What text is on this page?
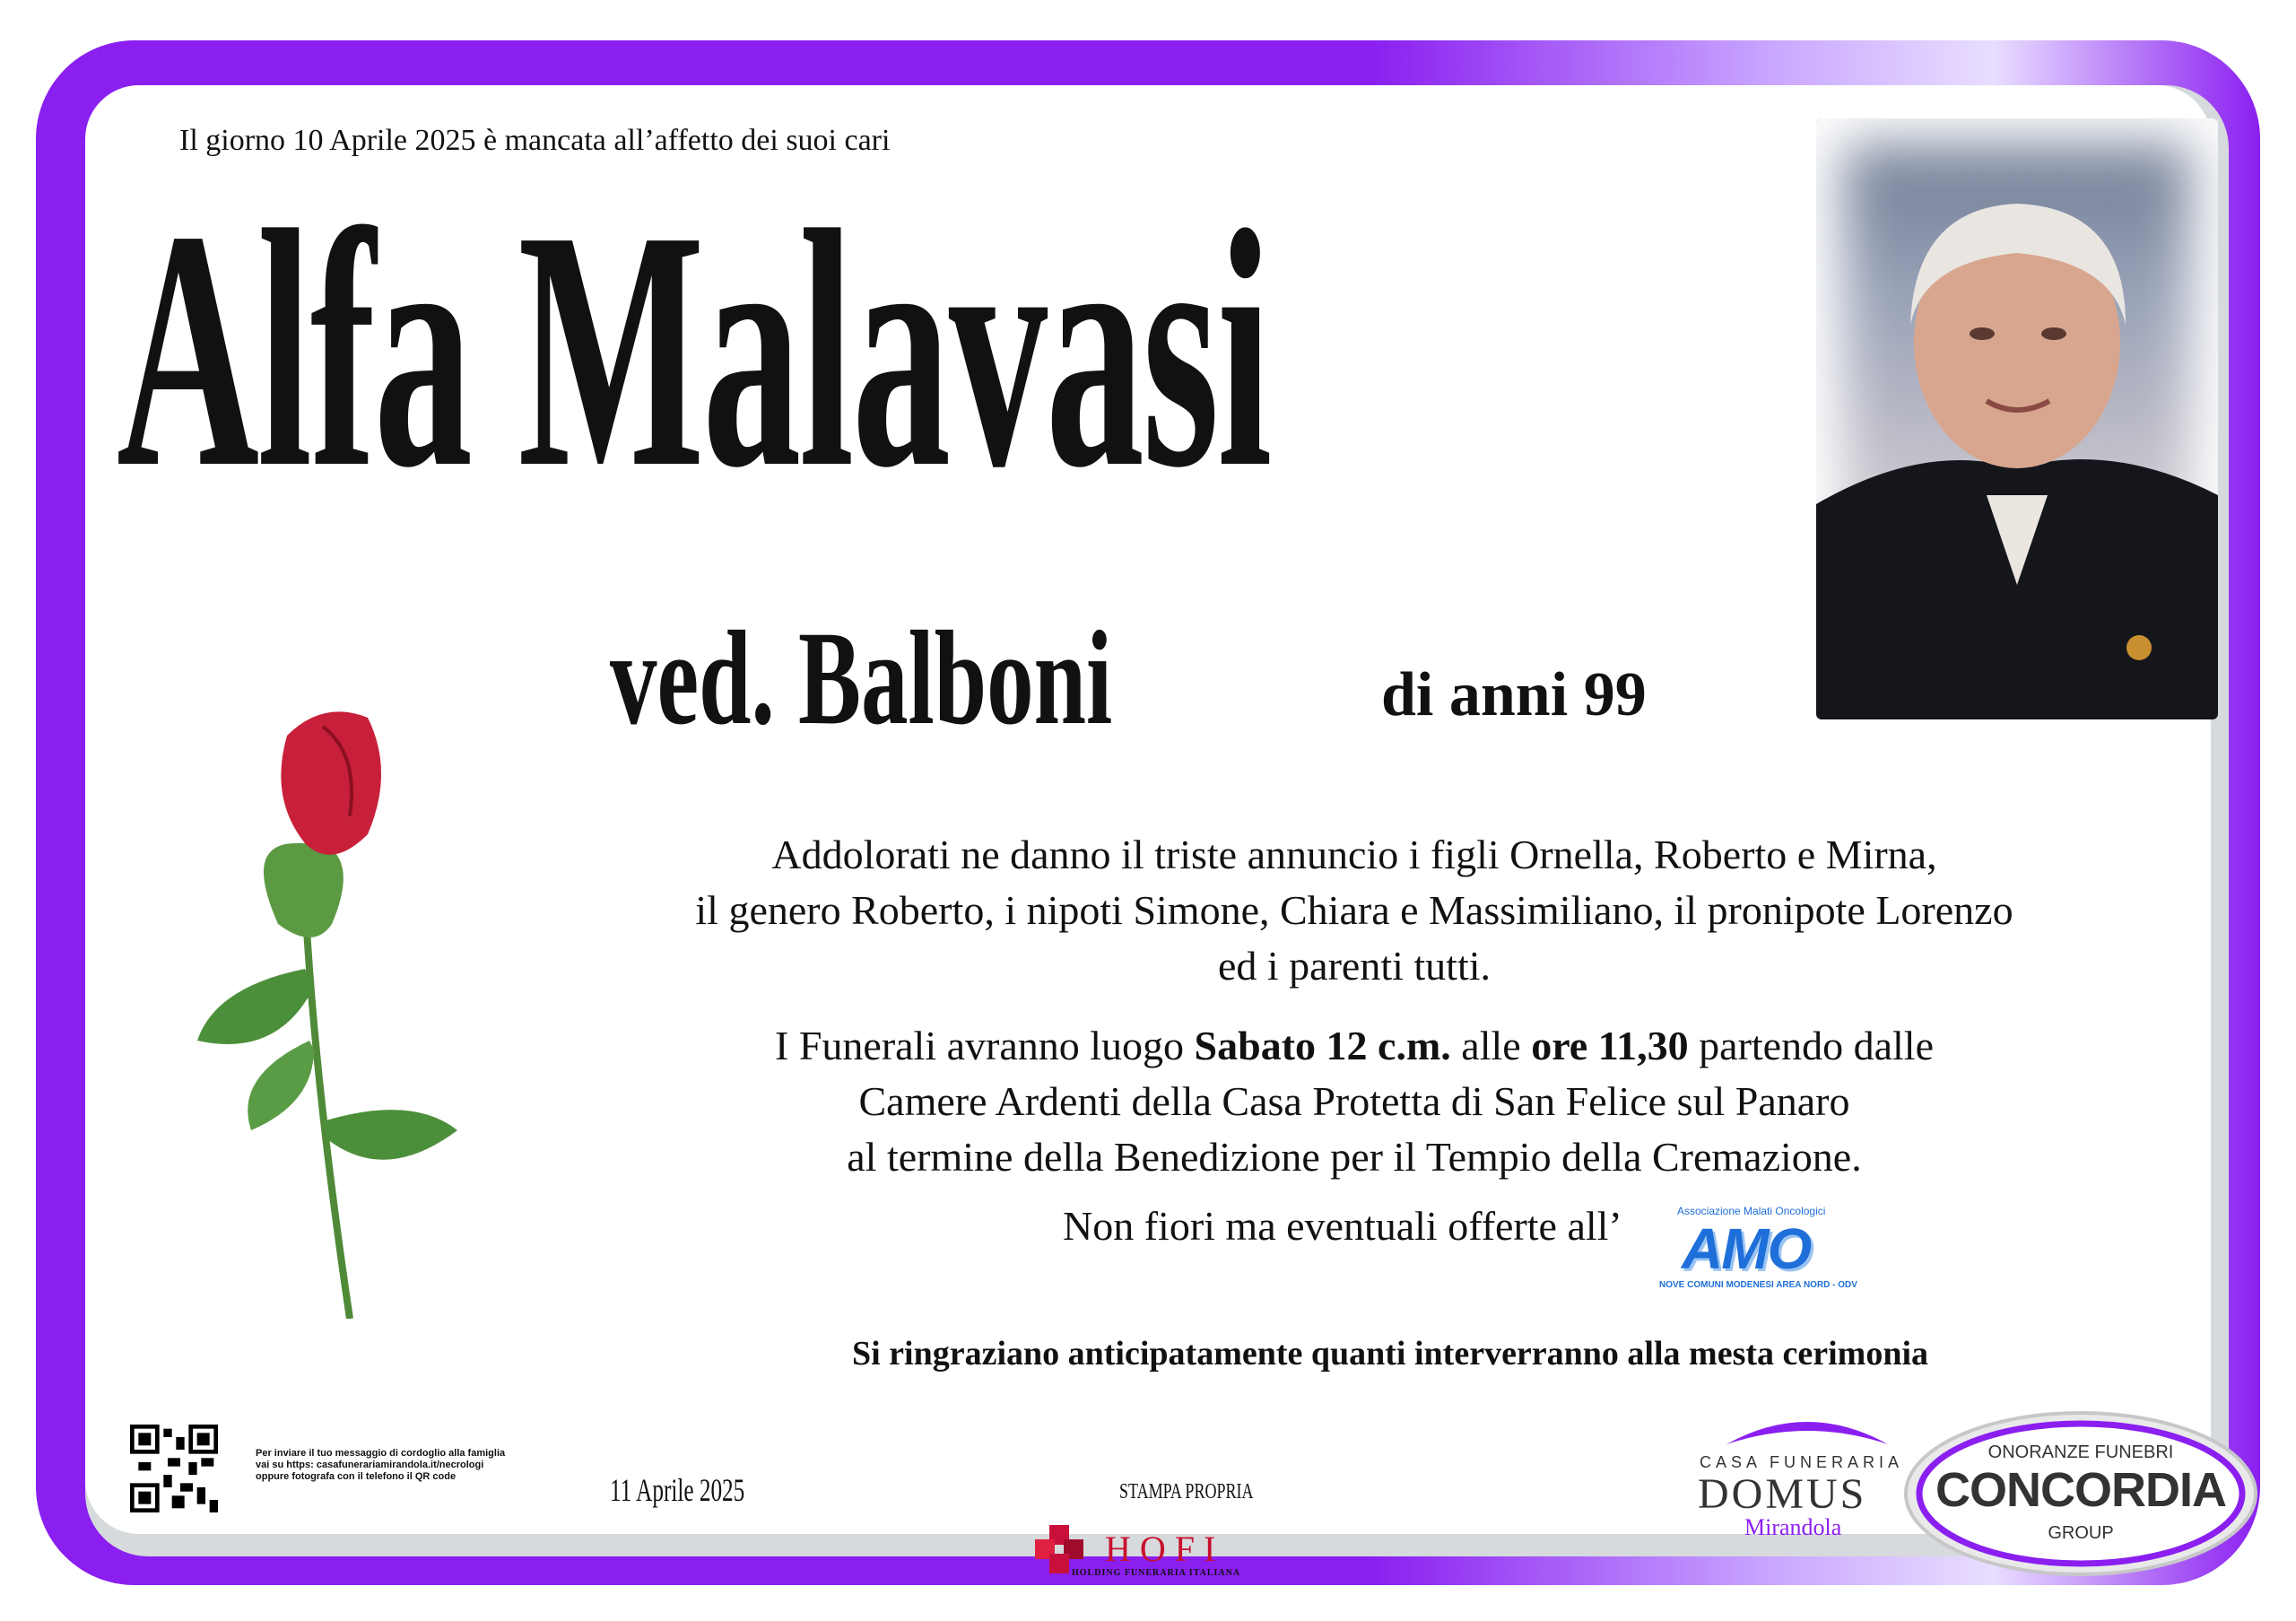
Il giorno 10 Aprile 2025 è mancata all’affetto dei suoi cari
Alfa Malavasi
ved. Balboni	di anni 99
Addolorati ne danno il triste annuncio i figli Ornella, Roberto e Mirna,
il genero Roberto, i nipoti Simone, Chiara e Massimiliano, il pronipote Lorenzo
ed i parenti tutti.
I Funerali avranno luogo Sabato 12 c.m. alle ore 11,30 partendo dalle
Camere Ardenti della Casa Protetta di San Felice sul Panaro
al termine della Benedizione per il Tempio della Cremazione.
Non fiori ma eventuali offerte all’	Associazione Malati Oncologici
AMO
NOVE COMUNI MODENESI AREA NORD - ODV
Si ringraziano anticipatamente quanti interverranno alla mesta cerimonia
Per inviare il tuo messaggio di cordoglio alla famiglia
vai su https: casafunerariamirandola.it/necrologi
oppure fotografa con il telefono il QR code	11 Aprile 2025	STAMPA PROPRIA
HOFI
HOLDING FUNERARIA ITALIANA
CASA FUNERARIA
DOMUS
Mirandola
ONORANZE FUNEBRI
CONCORDIA
GROUP
